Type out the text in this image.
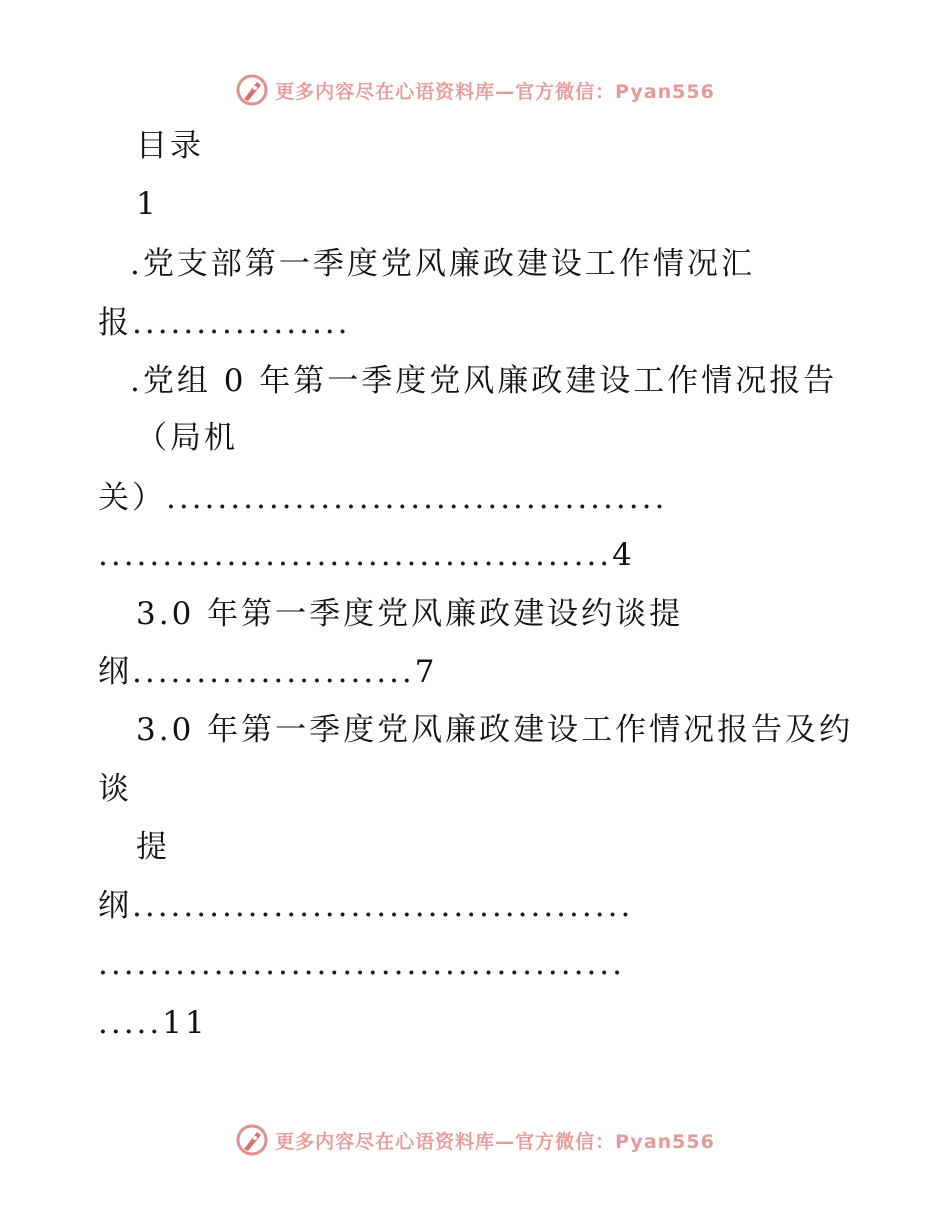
更多内容尽在心语资料库—官方微信：Pyan556
目录
1
.党支部第一季度党风廉政建设工作情况汇
报.................
.党组 0 年第一季度党风廉政建设工作情况报告
（局机
关）.......................................
........................................4
3.0 年第一季度党风廉政建设约谈提
纲......................7
3.0 年第一季度党风廉政建设工作情况报告及约
谈
提
纲.......................................
.........................................
.....11
更多内容尽在心语资料库—官方微信：Pyan556
